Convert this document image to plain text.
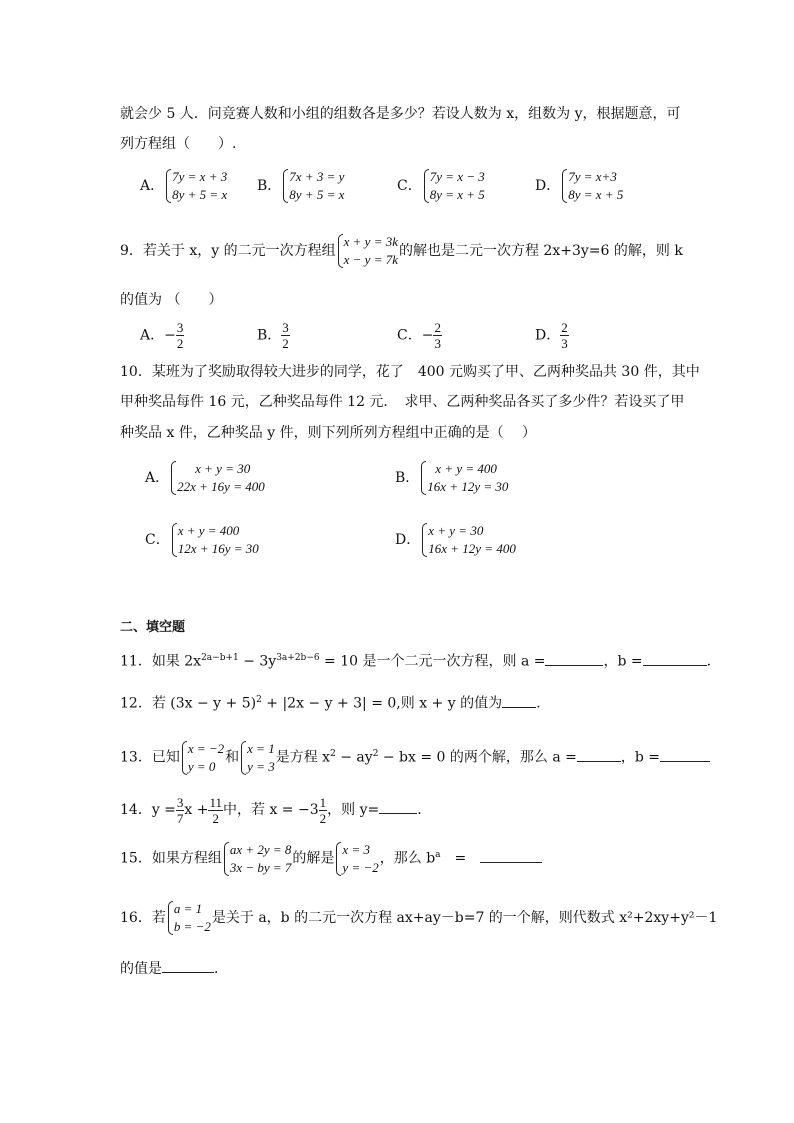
就会少 5 人．问竞赛人数和小组的组数各是多少？若设人数为 x，组数为 y，根据题意，可
列方程组（　　）.
A．
7y = x + 3
8y + 5 = x
B．
7x + 3 = y
8y + 5 = x
C．
7y = x − 3
8y = x + 5
D．
7y = x+3
8y = x + 5
9．若关于 x，y 的二元一次方程组
x + y = 3k
x − y = 7k
的解也是二元一次方程 2x+3y=6 的解，则 k
的值为 （　　）
A．− $\frac{3}{2}$	B． $\frac{3}{2}$	C．− $\frac{2}{3}$	D． $\frac{2}{3}$
10．某班为了奖励取得较大进步的同学，花了　400 元购买了甲、乙两种奖品共 30 件，其中
甲种奖品每件 16 元，乙种奖品每件 12 元．　求甲、乙两种奖品各买了多少件？若设买了甲
种奖品 x 件，乙种奖品 y 件，则下列所列方程组中正确的是（　 ）
A．
x + y = 30
22x + 16y = 400
B．
x + y = 400
16x + 12y = 30
C．
x + y = 400
12x + 16y = 30
D．
x + y = 30
16x + 12y = 400
二、填空题
11．如果 $2x^{2a-b+1} - 3y^{3a+2b-6} = 10$ 是一个二元一次方程，则 a =	，b =	．
12．若 $(3x - y + 5)^2 + |2x - y + 3| = 0$,则 x + y 的值为 .
13．已知
x = −2
y = 0
和
x = 1
y = 3
是方程 $x^2 - ay^2$ − bx = 0 的两个解，那么 a =	，b =
14．$y = \frac{3}{7}$ $x + \frac{11}{2}$ 中，若 $x = -3 \frac{1}{2}$ ，则 y=	.
15．如果方程组
ax + 2y = 8
3x − by = 7
的解是
x = 3
y = −2
，那么 $b^a$　=　
16．若
a = 1
b = −2
是关于 a，b 的二元一次方程 ax+ay－b=7 的一个解，则代数式 x²+2xy+y²－1
的值是	．
